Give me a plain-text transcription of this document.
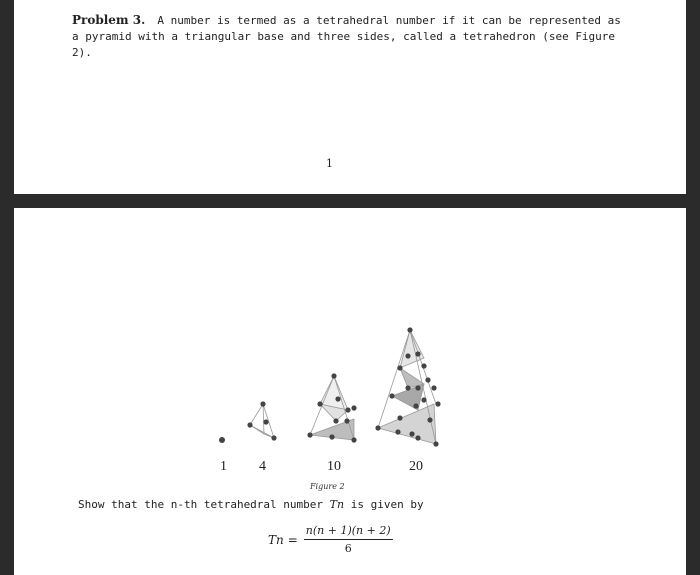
Problem 3. A number is termed as a tetrahedral number if it can be represented as a pyramid with a triangular base and three sides, called a tetrahedron (see Figure 2).
1
1 4	10	20
Figure 2
Show that the n-th tetrahedral number Tn is given by
$Tn = \frac{n(n + 1)(n + 2)}{6}$
